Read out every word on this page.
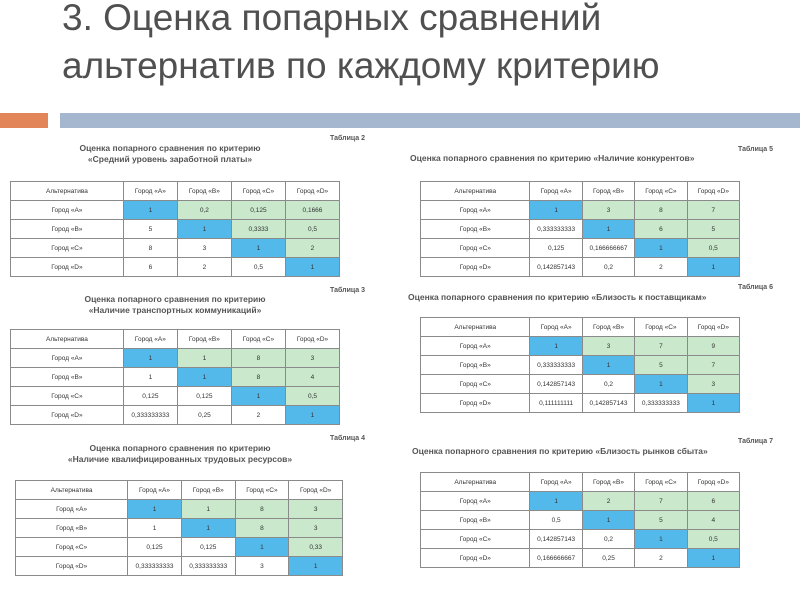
3. Оценка попарных сравнений альтернатив по каждому критерию
Таблица 2
Оценка попарного сравнения по критерию
«Средний уровень заработной платы»
Альтернатива	Город «А»	Город «В»	Город «С»	Город «D»
Город «А»	1	0,2	0,125	0,1666
Город «В»	5	1	0,3333	0,5
Город «С»	8	3	1	2
Город «D»	6	2	0,5	1
Таблица 3
Оценка попарного сравнения по критерию
«Наличие транспортных коммуникаций»
Альтернатива	Город «А»	Город «В»	Город «С»	Город «D»
Город «А»	1	1	8	3
Город «В»	1	1	8	4
Город «С»	0,125	0,125	1	0,5
Город «D»	0,333333333	0,25	2	1
Таблица 4
Оценка попарного сравнения по критерию
«Наличие квалифицированных трудовых ресурсов»
Альтернатива	Город «А»	Город «В»	Город «С»	Город «D»
Город «А»	1	1	8	3
Город «В»	1	1	8	3
Город «С»	0,125	0,125	1	0,33
Город «D»	0,333333333	0,333333333	3	1
Таблица 5
Оценка попарного сравнения по критерию «Наличие конкурентов»
Альтернатива	Город «А»	Город «В»	Город «С»	Город «D»
Город «А»	1	3	8	7
Город «В»	0,333333333	1	6	5
Город «С»	0,125	0,166666667	1	0,5
Город «D»	0,142857143	0,2	2	1
Таблица 6
Оценка попарного сравнения по критерию «Близость к поставщикам»
Альтернатива	Город «А»	Город «В»	Город «С»	Город «D»
Город «А»	1	3	7	9
Город «В»	0,333333333	1	5	7
Город «С»	0,142857143	0,2	1	3
Город «D»	0,111111111	0,142857143	0,333333333	1
Таблица 7
Оценка попарного сравнения по критерию «Близость рынков сбыта»
Альтернатива	Город «А»	Город «В»	Город «С»	Город «D»
Город «А»	1	2	7	6
Город «В»	0,5	1	5	4
Город «С»	0,142857143	0,2	1	0,5
Город «D»	0,166666667	0,25	2	1
